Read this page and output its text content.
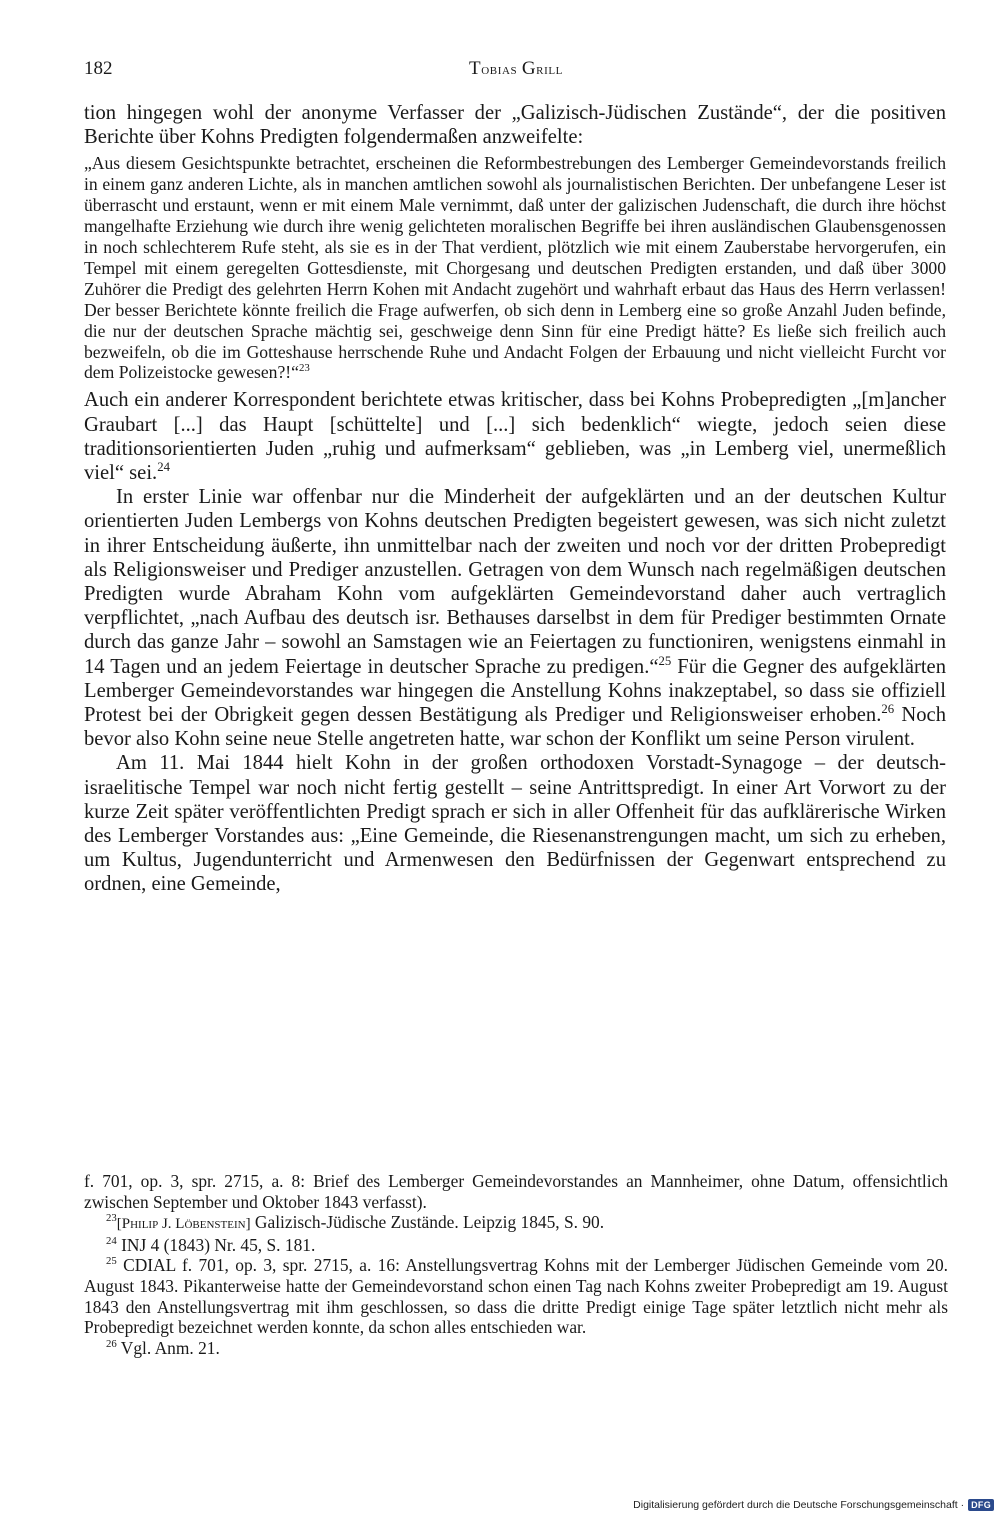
182	Tobias Grill

tion hingegen wohl der anonyme Verfasser der „Galizisch-Jüdischen Zustände“, der die positiven Berichte über Kohns Predigten folgendermaßen anzweifelte:

„Aus diesem Gesichtspunkte betrachtet, erscheinen die Reformbestrebungen des Lemberger Gemeindevorstands freilich in einem ganz anderen Lichte, als in manchen amtlichen sowohl als journalistischen Berichten. Der unbefangene Leser ist überrascht und erstaunt, wenn er mit einem Male vernimmt, daß unter der galizischen Judenschaft, die durch ihre höchst mangelhafte Erziehung wie durch ihre wenig gelichteten moralischen Begriffe bei ihren ausländischen Glaubensgenossen in noch schlechterem Rufe steht, als sie es in der That verdient, plötzlich wie mit einem Zauberstabe hervorgerufen, ein Tempel mit einem geregelten Gottesdienste, mit Chorgesang und deutschen Predigten erstanden, und daß über 3000 Zuhörer die Predigt des gelehrten Herrn Kohen mit Andacht zugehört und wahrhaft erbaut das Haus des Herrn verlassen! Der besser Berichtete könnte freilich die Frage aufwerfen, ob sich denn in Lemberg eine so große Anzahl Juden befinde, die nur der deutschen Sprache mächtig sei, geschweige denn Sinn für eine Predigt hätte? Es ließe sich freilich auch bezweifeln, ob die im Gotteshause herrschende Ruhe und Andacht Folgen der Erbauung und nicht vielleicht Furcht vor dem Polizeistocke gewesen?!“$^{23}$

Auch ein anderer Korrespondent berichtete etwas kritischer, dass bei Kohns Probepredigten „[m]ancher Graubart [...] das Haupt [schüttelte] und [...] sich bedenklich“ wiegte, jedoch seien diese traditionsorientierten Juden „ruhig und aufmerksam“ geblieben, was „in Lemberg viel, unermeßlich viel“ sei.$^{24}$

In erster Linie war offenbar nur die Minderheit der aufgeklärten und an der deutschen Kultur orientierten Juden Lembergs von Kohns deutschen Predigten begeistert gewesen, was sich nicht zuletzt in ihrer Entscheidung äußerte, ihn unmittelbar nach der zweiten und noch vor der dritten Probepredigt als Religionsweiser und Prediger anzustellen. Getragen von dem Wunsch nach regelmäßigen deutschen Predigten wurde Abraham Kohn vom aufgeklärten Gemeindevorstand daher auch vertraglich verpflichtet, „nach Aufbau des deutsch isr. Bethauses darselbst in dem für Prediger bestimmten Ornate durch das ganze Jahr – sowohl an Samstagen wie an Feiertagen zu functioniren, wenigstens einmahl in 14 Tagen und an jedem Feiertage in deutscher Sprache zu predigen.“$^{25}$ Für die Gegner des aufgeklärten Lemberger Gemeindevorstandes war hingegen die Anstellung Kohns inakzeptabel, so dass sie offiziell Protest bei der Obrigkeit gegen dessen Bestätigung als Prediger und Religionsweiser erhoben.$^{26}$ Noch bevor also Kohn seine neue Stelle angetreten hatte, war schon der Konflikt um seine Person virulent.

Am 11. Mai 1844 hielt Kohn in der großen orthodoxen Vorstadt-Synagoge – der deutsch-israelitische Tempel war noch nicht fertig gestellt – seine Antrittspredigt. In einer Art Vorwort zu der kurze Zeit später veröffentlichten Predigt sprach er sich in aller Offenheit für das aufklärerische Wirken des Lemberger Vorstandes aus: „Eine Gemeinde, die Riesenanstrengungen macht, um sich zu erheben, um Kultus, Jugendunterricht und Armenwesen den Bedürfnissen der Gegenwart entsprechend zu ordnen, eine Gemeinde,

f. 701, op. 3, spr. 2715, a. 8: Brief des Lemberger Gemeindevorstandes an Mannheimer, ohne Datum, offensichtlich zwischen September und Oktober 1843 verfasst).

$^{23}$[Philip J. Löbenstein] Galizisch-Jüdische Zustände. Leipzig 1845, S. 90.

$^{24}$ INJ 4 (1843) Nr. 45, S. 181.

$^{25}$ CDIAL f. 701, op. 3, spr. 2715, a. 16: Anstellungsvertrag Kohns mit der Lemberger Jüdischen Gemeinde vom 20. August 1843. Pikanterweise hatte der Gemeindevorstand schon einen Tag nach Kohns zweiter Probepredigt am 19. August 1843 den Anstellungsvertrag mit ihm geschlossen, so dass die dritte Predigt einige Tage später letztlich nicht mehr als Probepredigt bezeichnet werden konnte, da schon alles entschieden war.

$^{26}$ Vgl. Anm. 21.

Digitalisierung gefördert durch die Deutsche Forschungsgemeinschaft · DFG
